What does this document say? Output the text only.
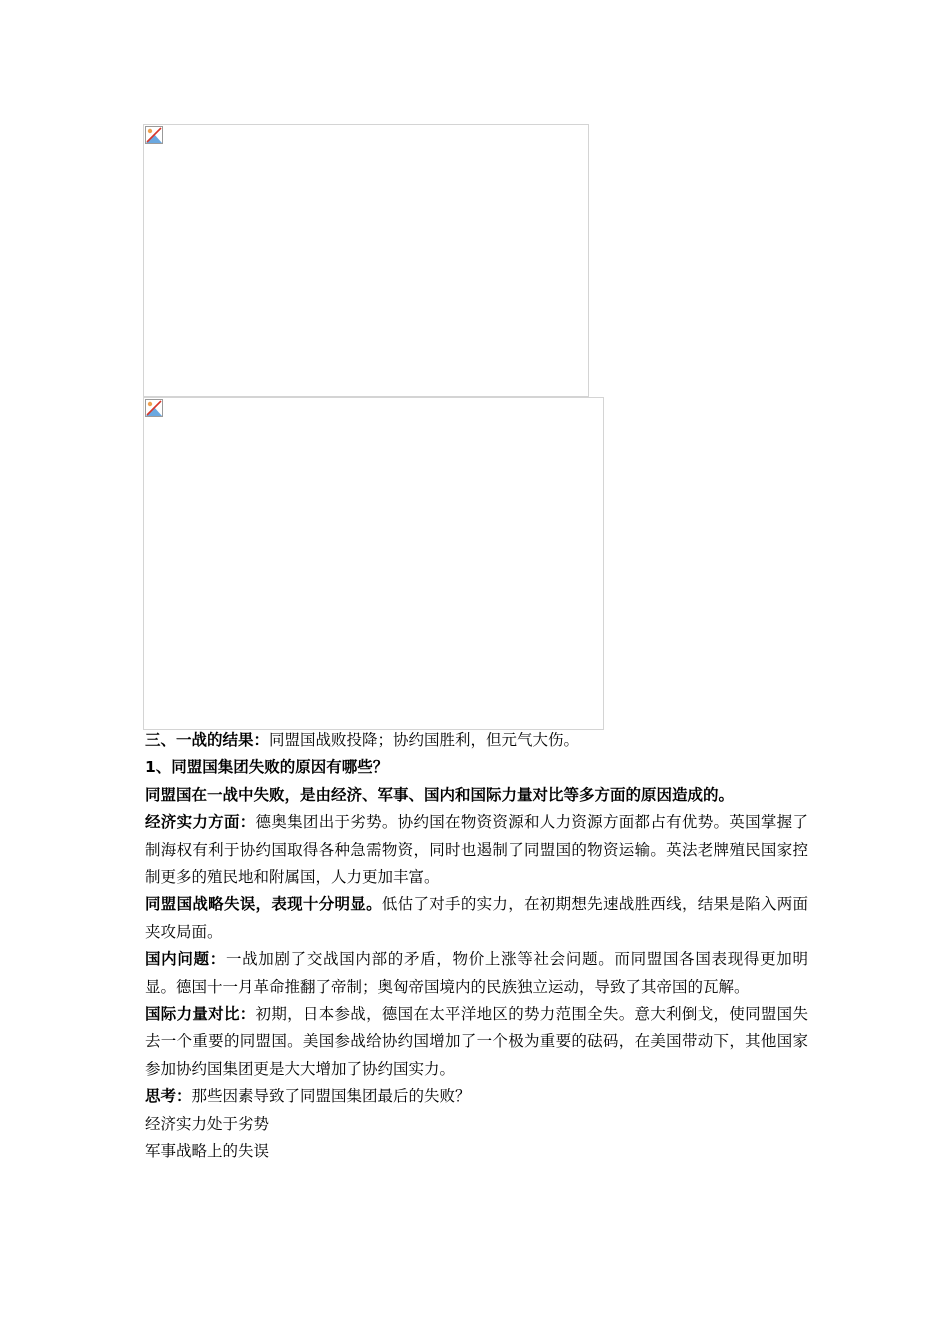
三、一战的结果：同盟国战败投降；协约国胜利，但元气大伤。

1、同盟国集团失败的原因有哪些？

同盟国在一战中失败，是由经济、军事、国内和国际力量对比等多方面的原因造成的。

经济实力方面：德奥集团出于劣势。协约国在物资资源和人力资源方面都占有优势。英国掌握了制海权有利于协约国取得各种急需物资，同时也遏制了同盟国的物资运输。英法老牌殖民国家控制更多的殖民地和附属国，人力更加丰富。

同盟国战略失误，表现十分明显。低估了对手的实力，在初期想先速战胜西线，结果是陷入两面夹攻局面。

国内问题：一战加剧了交战国内部的矛盾，物价上涨等社会问题。而同盟国各国表现得更加明显。德国十一月革命推翻了帝制；奥匈帝国境内的民族独立运动，导致了其帝国的瓦解。

国际力量对比：初期，日本参战，德国在太平洋地区的势力范围全失。意大利倒戈，使同盟国失去一个重要的同盟国。美国参战给协约国增加了一个极为重要的砝码，在美国带动下，其他国家参加协约国集团更是大大增加了协约国实力。

思考：那些因素导致了同盟国集团最后的失败？

经济实力处于劣势

军事战略上的失误
